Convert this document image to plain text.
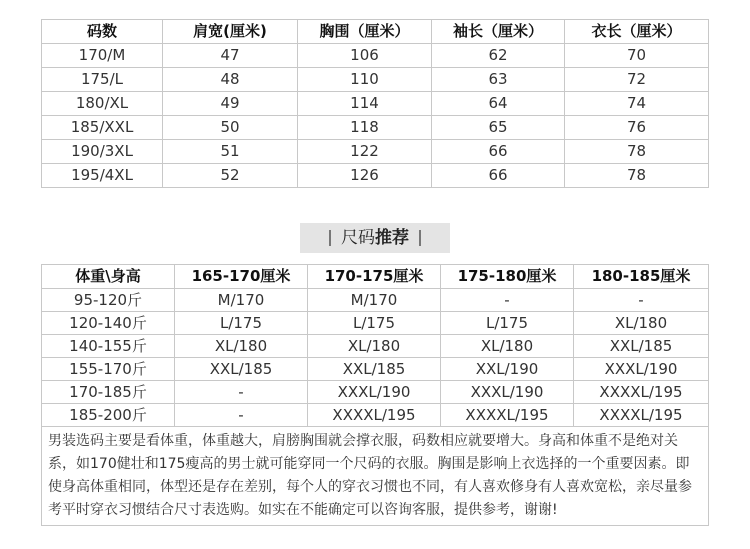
码数	肩宽(厘米)	胸围（厘米）	袖长（厘米）	衣长（厘米）
170/M	47	106	62	70
175/L	48	110	63	72
180/XL	49	114	64	74
185/XXL	50	118	65	76
190/3XL	51	122	66	78
195/4XL	52	126	66	78
尺码推荐
体重\身高	165-170厘米	170-175厘米	175-180厘米	180-185厘米
95-120斤	M/170	M/170	-	-
120-140斤	L/175	L/175	L/175	XL/180
140-155斤	XL/180	XL/180	XL/180	XXL/185
155-170斤	XXL/185	XXL/185	XXL/190	XXXL/190
170-185斤	-	XXXL/190	XXXL/190	XXXXL/195
185-200斤	-	XXXXL/195	XXXXL/195	XXXXL/195
男装选码主要是看体重，体重越大，肩膀胸围就会撑衣服，码数相应就要增大。身高和体重不是绝对关系，如170健壮和175瘦高的男士就可能穿同一个尺码的衣服。胸围是影响上衣选择的一个重要因素。即使身高体重相同，体型还是存在差别，每个人的穿衣习惯也不同，有人喜欢修身有人喜欢宽松，亲尽量参考平时穿衣习惯结合尺寸表选购。如实在不能确定可以咨询客服，提供参考，谢谢!				
